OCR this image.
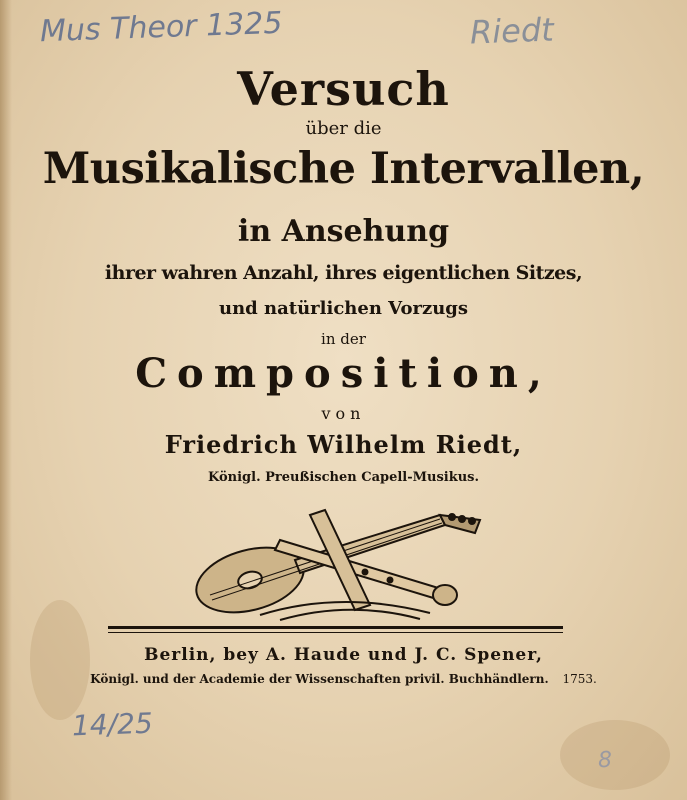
Mus Theor 1325	Riedt
14/25
8
Versuch
über die
Musikalische Intervallen,
in Ansehung
ihrer wahren Anzahl, ihres eigentlichen Sitzes,
und natürlichen Vorzugs
in der
Composition,
von
Friedrich Wilhelm Riedt,
Königl. Preußischen Capell-Musikus.
Berlin, bey A. Haude und J. C. Spener,
Königl. und der Academie der Wissenschaften privil. Buchhändlern. 1753.
